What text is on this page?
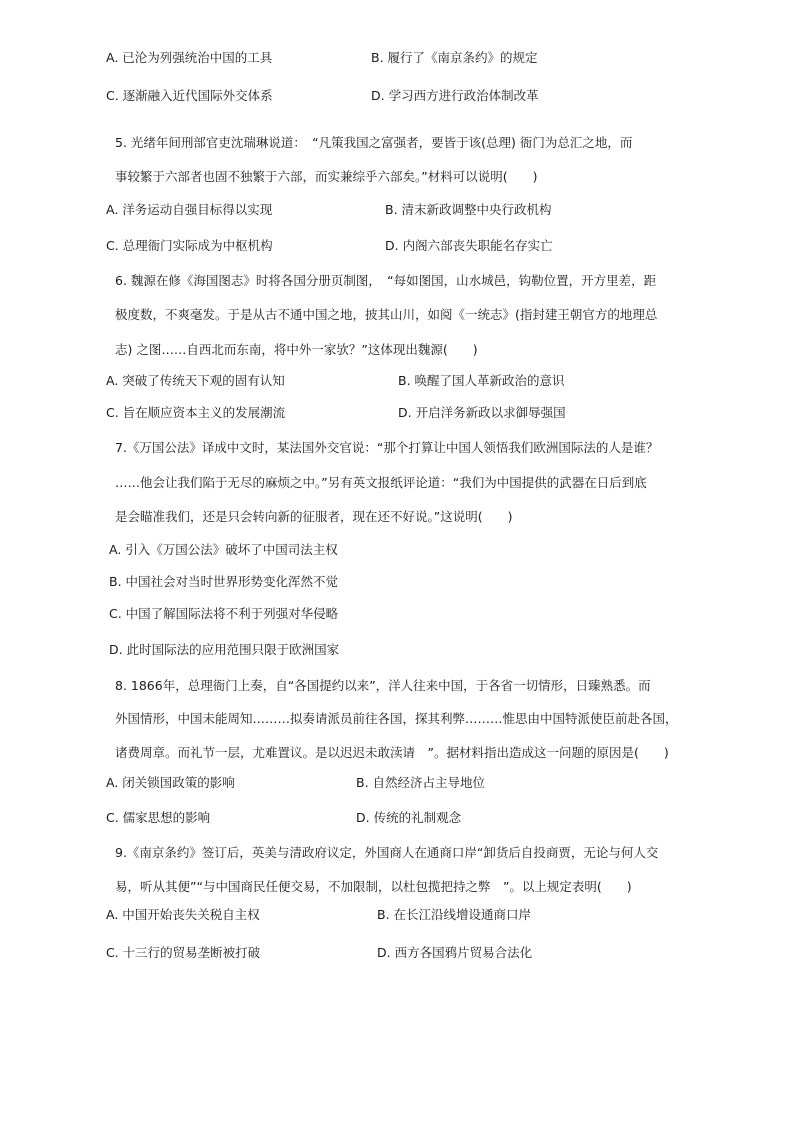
A. 已沦为列强统治中国的工具	B. 履行了《南京条约》的规定
C. 逐渐融入近代国际外交体系	D. 学习西方进行政治体制改革
5. 光绪年间刑部官吏沈瑞琳说道：　“凡策我国之富强者，要皆于该(总理) 衙门为总汇之地，而
事较繁于六部者也固不独繁于六部，而实兼综乎六部矣。”材料可以说明(　　)
A. 洋务运动自强目标得以实现	B. 清末新政调整中央行政机构
C. 总理衙门实际成为中枢机构	D. 内阁六部丧失职能名存实亡
6. 魏源在修《海国图志》时将各国分册页制图，　“每如图国，山水城邑，钩勒位置，开方里差，距
极度数，不爽毫发。于是从古不通中国之地，披其山川，如阅《一统志》(指封建王朝官方的地理总
志) 之图……自西北而东南，将中外一家欤？”这体现出魏源(　　)
A. 突破了传统天下观的固有认知	B. 唤醒了国人革新政治的意识
C. 旨在顺应资本主义的发展潮流	D. 开启洋务新政以求御辱强国
7.《万国公法》译成中文时，某法国外交官说：“那个打算让中国人领悟我们欧洲国际法的人是谁？
……他会让我们陷于无尽的麻烦之中。”另有英文报纸评论道：“我们为中国提供的武器在日后到底
是会瞄准我们，还是只会转向新的征服者，现在还不好说。”这说明(　　)
A. 引入《万国公法》破坏了中国司法主权
B. 中国社会对当时世界形势变化浑然不觉
C. 中国了解国际法将不利于列强对华侵略
D. 此时国际法的应用范围只限于欧洲国家
8. 1866年，总理衙门上奏，自“各国提约以来”，洋人往来中国，于各省一切情形，日臻熟悉。而
外国情形，中国未能周知………拟奏请派员前往各国，探其利弊………惟思由中国特派使臣前赴各国，
诸费周章。而礼节一层，尤难置议。是以迟迟未敢渎请　”。据材料指出造成这一问题的原因是(　　)
A. 闭关锁国政策的影响	B. 自然经济占主导地位
C. 儒家思想的影响	D. 传统的礼制观念
9.《南京条约》签订后，英美与清政府议定，外国商人在通商口岸“卸货后自投商贾，无论与何人交
易，听从其便”“与中国商民任便交易，不加限制，以杜包揽把持之弊　”。以上规定表明(　　)
A. 中国开始丧失关税自主权	B. 在长江沿线增设通商口岸
C. 十三行的贸易垄断被打破	D. 西方各国鸦片贸易合法化
